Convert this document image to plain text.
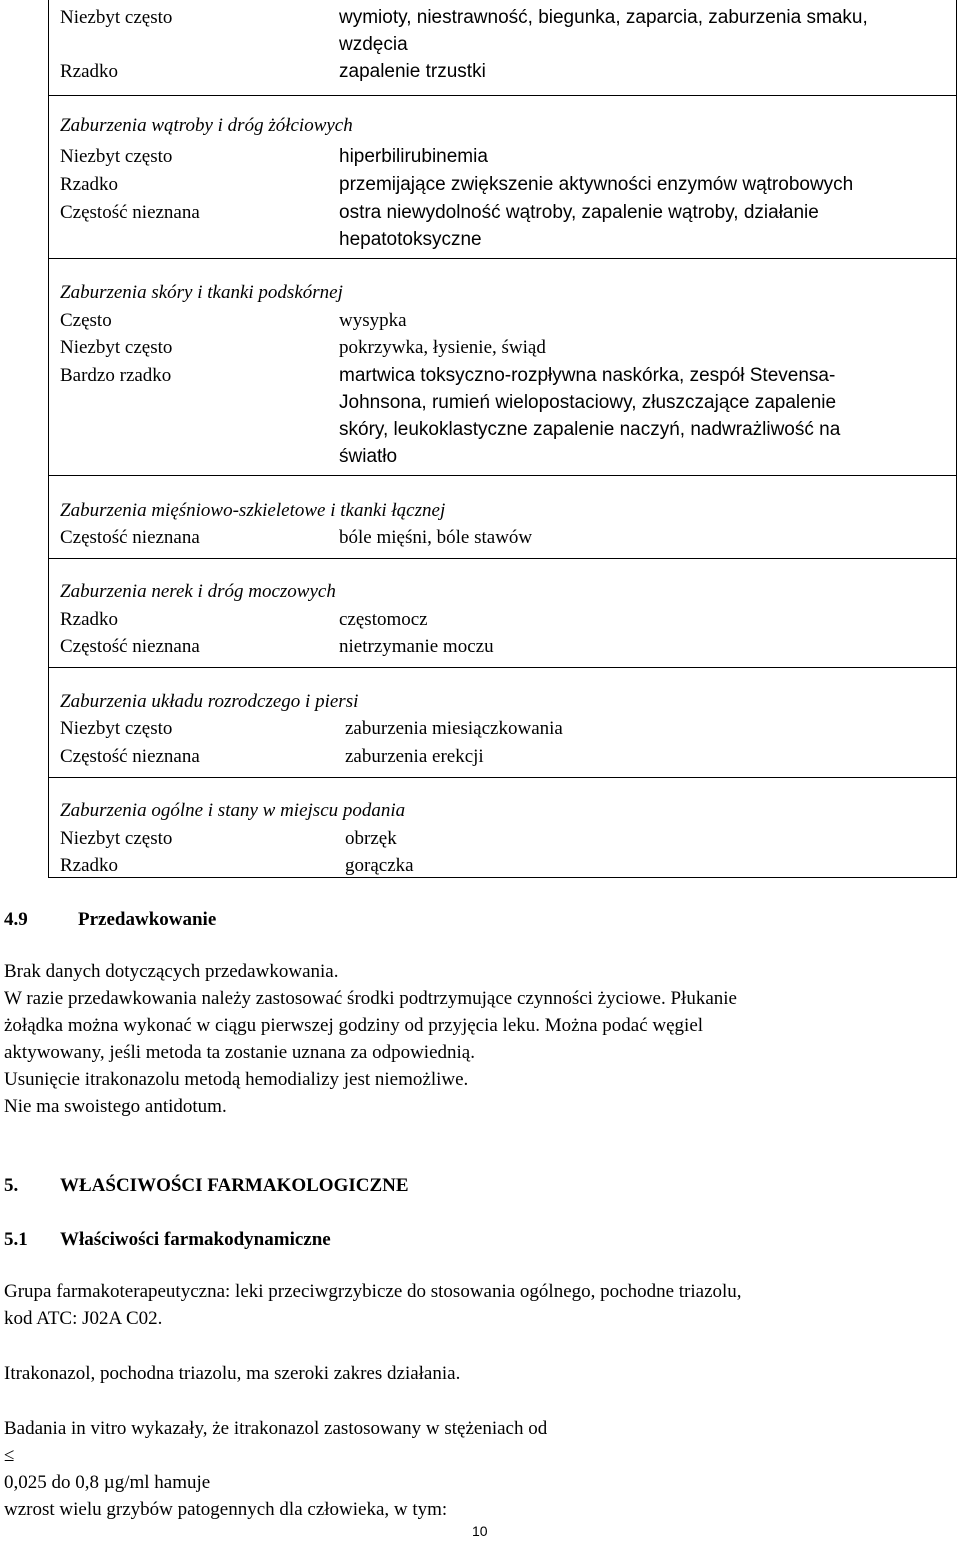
Niezbyt często	wymioty, niestrawność, biegunka, zaparcia, zaburzenia smaku,
wzdęcia
Rzadko	zapalenie trzustki
Zaburzenia wątroby i dróg żółciowych
Niezbyt często	hiperbilirubinemia
Rzadko	przemijające zwiększenie aktywności enzymów wątrobowych
Częstość nieznana	ostra niewydolność wątroby, zapalenie wątroby, działanie
hepatotoksyczne
Zaburzenia skóry i tkanki podskórnej
Często	wysypka
Niezbyt często	pokrzywka, łysienie, świąd
Bardzo rzadko	martwica toksyczno-rozpływna naskórka, zespół Stevensa-
Johnsona, rumień wielopostaciowy, złuszczające zapalenie
skóry, leukoklastyczne zapalenie naczyń, nadwrażliwość na
światło
Zaburzenia mięśniowo-szkieletowe i tkanki łącznej
Częstość nieznana	bóle mięśni, bóle stawów
Zaburzenia nerek i dróg moczowych
Rzadko	częstomocz
Częstość nieznana	nietrzymanie moczu
Zaburzenia układu rozrodczego i piersi
Niezbyt często	zaburzenia miesiączkowania
Częstość nieznana	zaburzenia erekcji
Zaburzenia ogólne i stany w miejscu podania
Niezbyt często	obrzęk
Rzadko	gorączka
4.9	Przedawkowanie
Brak danych dotyczących przedawkowania.
W razie przedawkowania należy zastosować środki podtrzymujące czynności życiowe. Płukanie
żołądka można wykonać w ciągu pierwszej godziny od przyjęcia leku. Można podać węgiel
aktywowany, jeśli metoda ta zostanie uznana za odpowiednią.
Usunięcie itrakonazolu metodą hemodializy jest niemożliwe.
Nie ma swoistego antidotum.
5. WŁAŚCIWOŚCI FARMAKOLOGICZNE
5.1 Właściwości farmakodynamiczne
Grupa farmakoterapeutyczna: leki przeciwgrzybicze do stosowania ogólnego, pochodne triazolu,
kod ATC: J02A C02.
Itrakonazol, pochodna triazolu, ma szeroki zakres działania.
Badania in vitro wykazały, że itrakonazol zastosowany w stężeniach od
≤
0,025 do 0,8 µg/ml hamuje
wzrost wielu grzybów patogennych dla człowieka, w tym:
10
